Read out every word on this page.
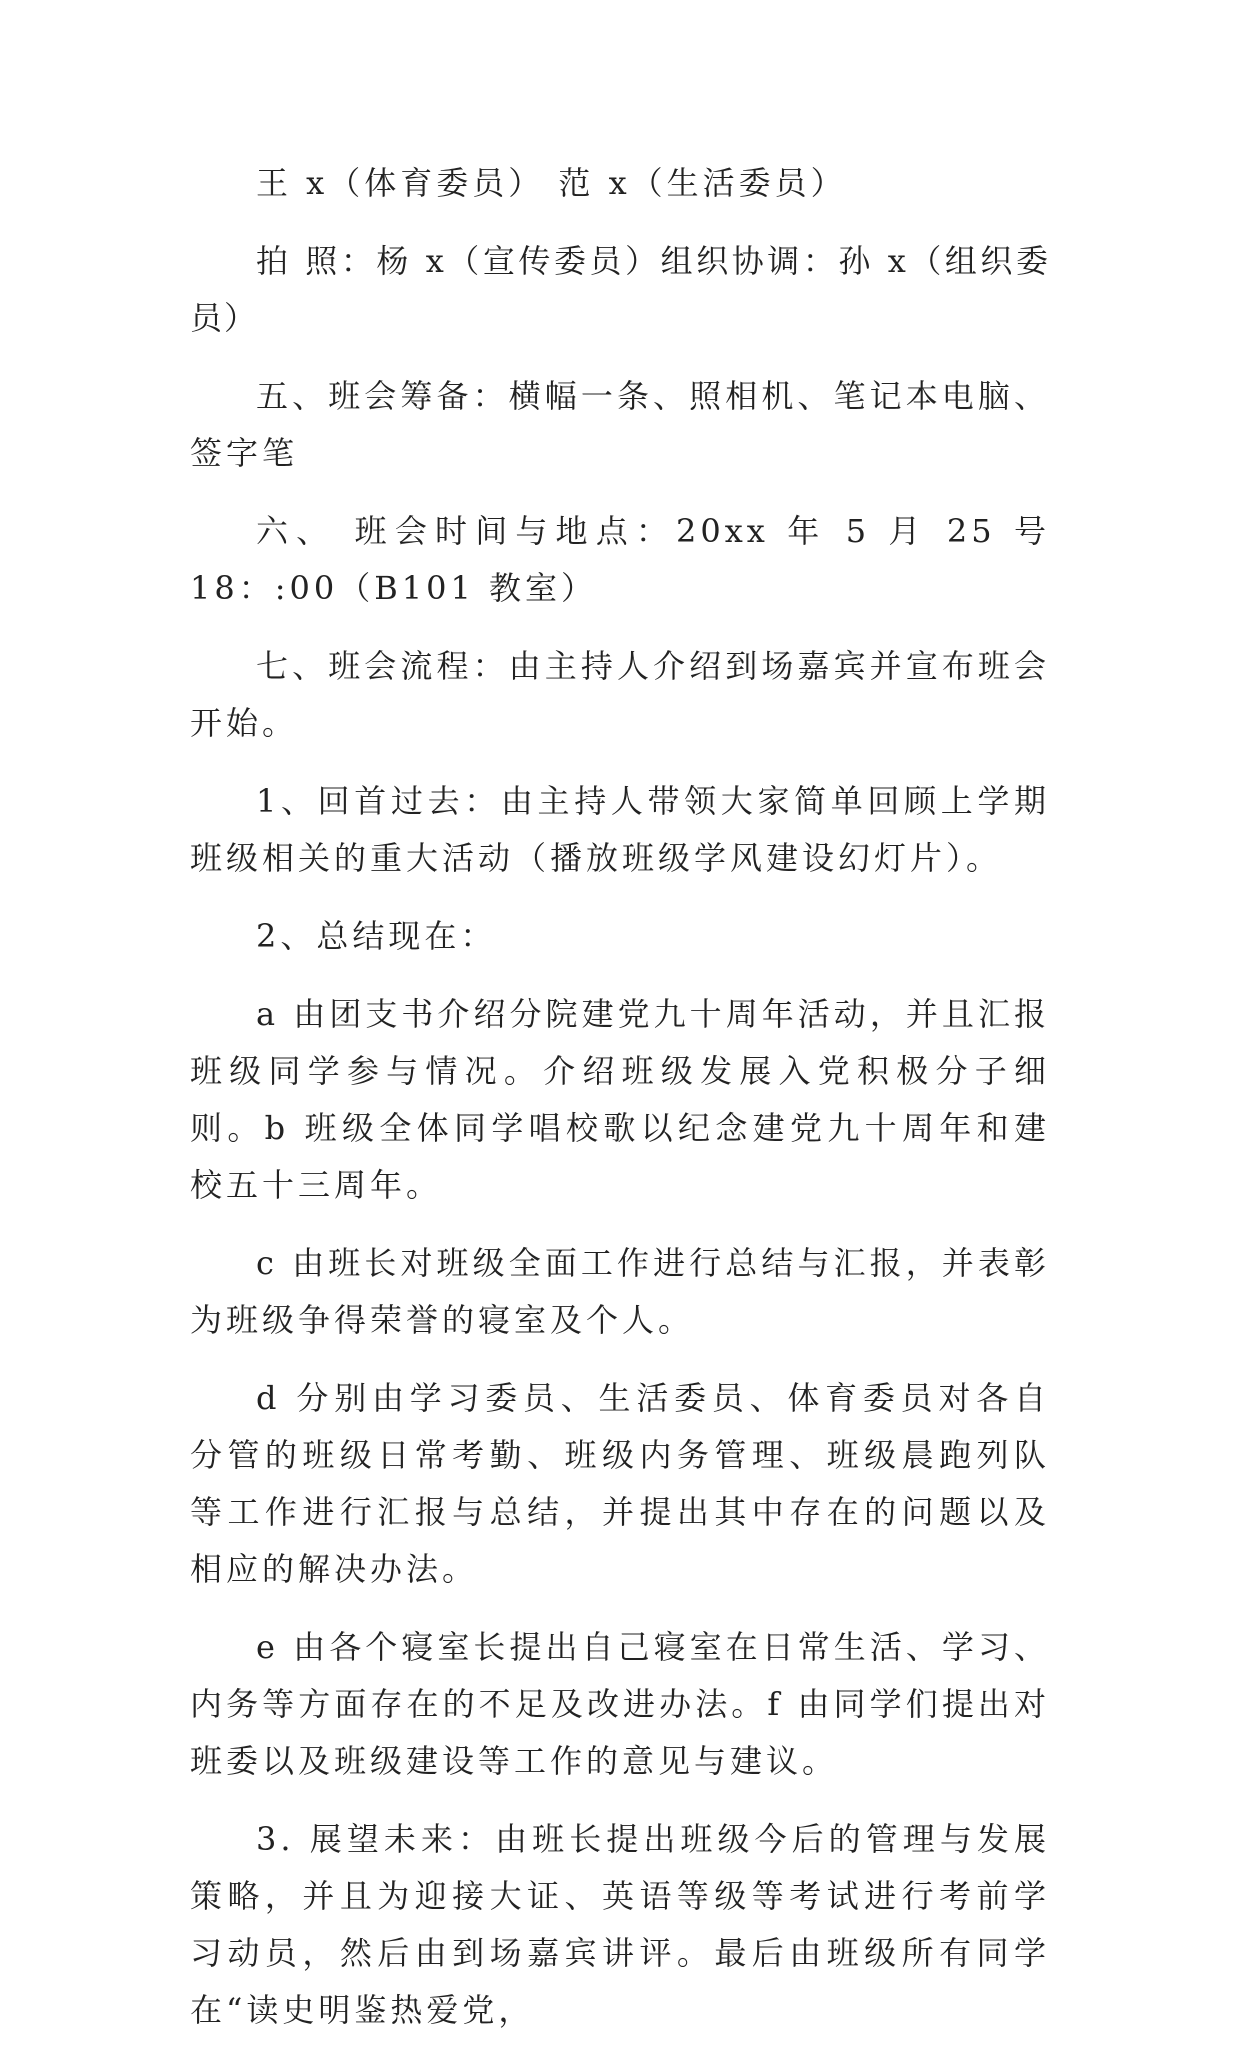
王 x（体育委员） 范 x（生活委员）

拍 照：杨 x（宣传委员）组织协调：孙 x（组织委员）

五、班会筹备：横幅一条、照相机、笔记本电脑、签字笔

六、 班会时间与地点：20xx 年 5 月 25 号 18：:00（B101 教室）

七、班会流程：由主持人介绍到场嘉宾并宣布班会开始。

1、回首过去：由主持人带领大家简单回顾上学期班级相关的重大活动（播放班级学风建设幻灯片）。

2、总结现在：

a 由团支书介绍分院建党九十周年活动，并且汇报班级同学参与情况。介绍班级发展入党积极分子细则。b 班级全体同学唱校歌以纪念建党九十周年和建校五十三周年。

c 由班长对班级全面工作进行总结与汇报，并表彰为班级争得荣誉的寝室及个人。

d 分别由学习委员、生活委员、体育委员对各自分管的班级日常考勤、班级内务管理、班级晨跑列队等工作进行汇报与总结，并提出其中存在的问题以及相应的解决办法。

e 由各个寝室长提出自己寝室在日常生活、学习、内务等方面存在的不足及改进办法。f 由同学们提出对班委以及班级建设等工作的意见与建议。

3. 展望未来：由班长提出班级今后的管理与发展策略，并且为迎接大证、英语等级等考试进行考前学习动员，然后由到场嘉宾讲评。最后由班级所有同学在“读史明鉴热爱党，
